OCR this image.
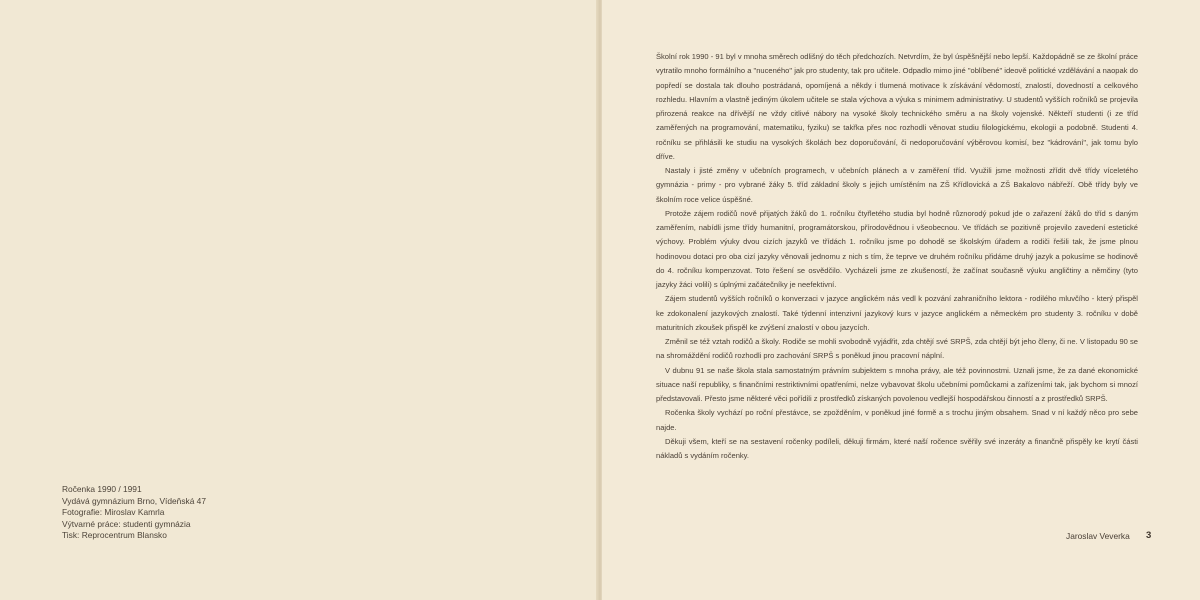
Ročenka 1990 / 1991
Vydává gymnázium Brno, Vídeňská 47
Fotografie: Miroslav Kamrla
Výtvarné práce: studenti gymnázia
Tisk: Reprocentrum Blansko

Školní rok 1990 - 91 byl v mnoha směrech odlišný do těch předchozích. Netvrdím, že byl úspěšnější nebo lepší. Každopádně se ze školní práce vytratilo mnoho formálního a "nuceného" jak pro studenty, tak pro učitele. Odpadlo mimo jiné "oblíbené" ideově politické vzdělávání a naopak do popředí se dostala tak dlouho postrádaná, opomíjená a někdy i tlumená motivace k získávání vědomostí, znalostí, dovedností a celkového rozhledu. Hlavním a vlastně jediným úkolem učitele se stala výchova a výuka s minimem administrativy. U studentů vyšších ročníků se projevila přirozená reakce na dřívější ne vždy citlivé nábory na vysoké školy technického směru a na školy vojenské. Někteří studenti (i ze tříd zaměřených na programování, matematiku, fyziku) se takřka přes noc rozhodli věnovat studiu filologickému, ekologii a podobně. Studenti 4. ročníku se přihlásili ke studiu na vysokých školách bez doporučování, či nedoporučování výběrovou komisí, bez "kádrování", jak tomu bylo dříve.

Nastaly i jisté změny v učebních programech, v učebních plánech a v zaměření tříd. Využili jsme možnosti zřídit dvě třídy víceletého gymnázia - primy - pro vybrané žáky 5. tříd základní školy s jejich umístěním na ZŠ Křídlovická a ZŠ Bakalovo nábřeží. Obě třídy byly ve školním roce velice úspěšné.

Protože zájem rodičů nově přijatých žáků do 1. ročníku čtyřletého studia byl hodně různorodý pokud jde o zařazení žáků do tříd s daným zaměřením, nabídli jsme třídy humanitní, programátorskou, přírodovědnou i všeobecnou. Ve třídách se pozitivně projevilo zavedení estetické výchovy. Problém výuky dvou cizích jazyků ve třídách 1. ročníku jsme po dohodě se školským úřadem a rodiči řešili tak, že jsme plnou hodinovou dotaci pro oba cizí jazyky věnovali jednomu z nich s tím, že teprve ve druhém ročníku přidáme druhý jazyk a pokusíme se hodinově do 4. ročníku kompenzovat. Toto řešení se osvědčilo. Vycházeli jsme ze zkušeností, že začínat současně výuku angličtiny a němčiny (tyto jazyky žáci volili) s úplnými začátečníky je neefektivní.

Zájem studentů vyšších ročníků o konverzaci v jazyce anglickém nás vedl k pozvání zahraničního lektora - rodilého mluvčího - který přispěl ke zdokonalení jazykových znalostí. Také týdenní intenzivní jazykový kurs v jazyce anglickém a německém pro studenty 3. ročníku v době maturitních zkoušek přispěl ke zvýšení znalostí v obou jazycích.

Změnil se též vztah rodičů a školy. Rodiče se mohli svobodně vyjádřit, zda chtějí své SRPŠ, zda chtějí být jeho členy, či ne. V listopadu 90 se na shromáždění rodičů rozhodli pro zachování SRPŠ s poněkud jinou pracovní náplní.

V dubnu 91 se naše škola stala samostatným právním subjektem s mnoha právy, ale též povinnostmi. Uznali jsme, že za dané ekonomické situace naší republiky, s finančními restriktivními opatřeními, nelze vybavovat školu učebními pomůckami a zařízeními tak, jak bychom si mnozí představovali. Přesto jsme některé věci pořídili z prostředků získaných povolenou vedlejší hospodářskou činností a z prostředků SRPŠ.

Ročenka školy vychází po roční přestávce, se zpožděním, v poněkud jiné formě a s trochu jiným obsahem. Snad v ní každý něco pro sebe najde.

Děkuji všem, kteří se na sestavení ročenky podíleli, děkuji firmám, které naší ročence svěřily své inzeráty a finančně přispěly ke krytí části nákladů s vydáním ročenky.

Jaroslav Veverka 3
